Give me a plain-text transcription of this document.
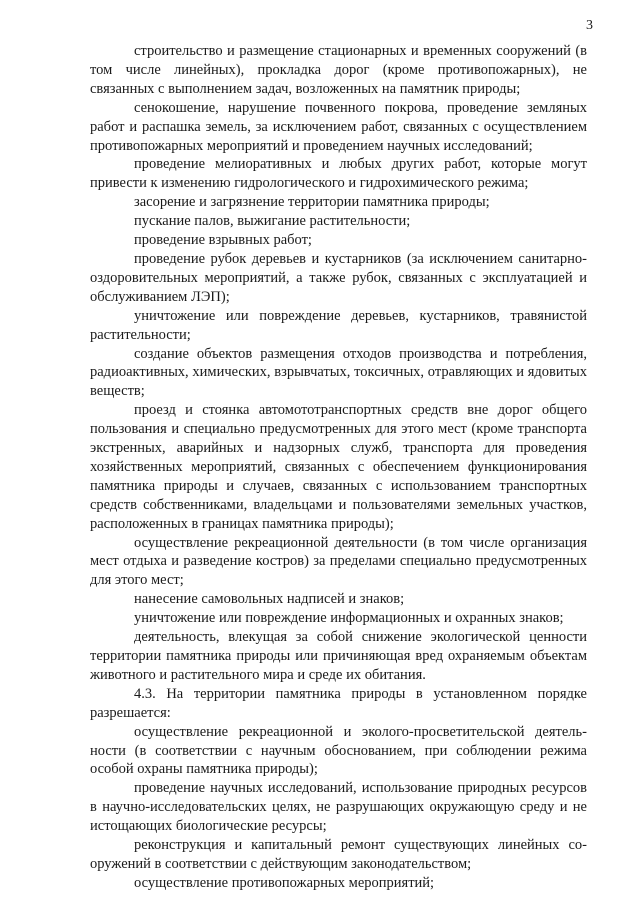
3

строительство и размещение стационарных и временных сооружений (в том числе линейных), прокладка дорог (кроме противопожарных), не связанных с выполнением задач, возложенных на памятник природы;

сенокошение, нарушение почвенного покрова, проведение земляных работ и распашка земель, за исключением работ, связанных с осуществлением противопожарных мероприятий и проведением научных исследований;

проведение мелиоративных и любых других работ, которые могут привести к изменению гидрологического и гидрохимического режима;

засорение и загрязнение территории памятника природы;

пускание палов, выжигание растительности;

проведение взрывных работ;

проведение рубок деревьев и кустарников (за исключением санитарно-оздоровительных мероприятий, а также рубок, связанных с эксплуатацией и обслуживанием ЛЭП);

уничтожение или повреждение деревьев, кустарников, травянистой растительности;

создание объектов размещения отходов производства и потребления, радиоактивных, химических, взрывчатых, токсичных, отравляющих и ядовитых веществ;

проезд и стоянка автомототранспортных средств вне дорог общего пользования и специально предусмотренных для этого мест (кроме транспорта экстренных, аварийных и надзорных служб, транспорта для проведения хозяйственных мероприятий, связанных с обеспечением функционирования памятника природы и случаев, связанных с использованием транспортных средств собственниками, владельцами и пользователями земельных участков, расположенных в границах памятника природы);

осуществление рекреационной деятельности (в том числе организация мест отдыха и разведение костров) за пределами специально предусмотренных для этого мест;

нанесение самовольных надписей и знаков;

уничтожение или повреждение информационных и охранных знаков;

деятельность, влекущая за собой снижение экологической ценности территории памятника природы или причиняющая вред охраняемым объектам животного и растительного мира и среде их обитания.

4.3. На территории памятника природы в установленном порядке разрешается:

осуществление рекреационной и эколого-просветительской деятельности (в соответствии с научным обоснованием, при соблюдении режима особой охраны памятника природы);

проведение научных исследований, использование природных ресурсов в научно-исследовательских целях, не разрушающих окружающую среду и не истощающих биологические ресурсы;

реконструкция и капитальный ремонт существующих линейных сооружений в соответствии с действующим законодательством;

осуществление противопожарных мероприятий;
